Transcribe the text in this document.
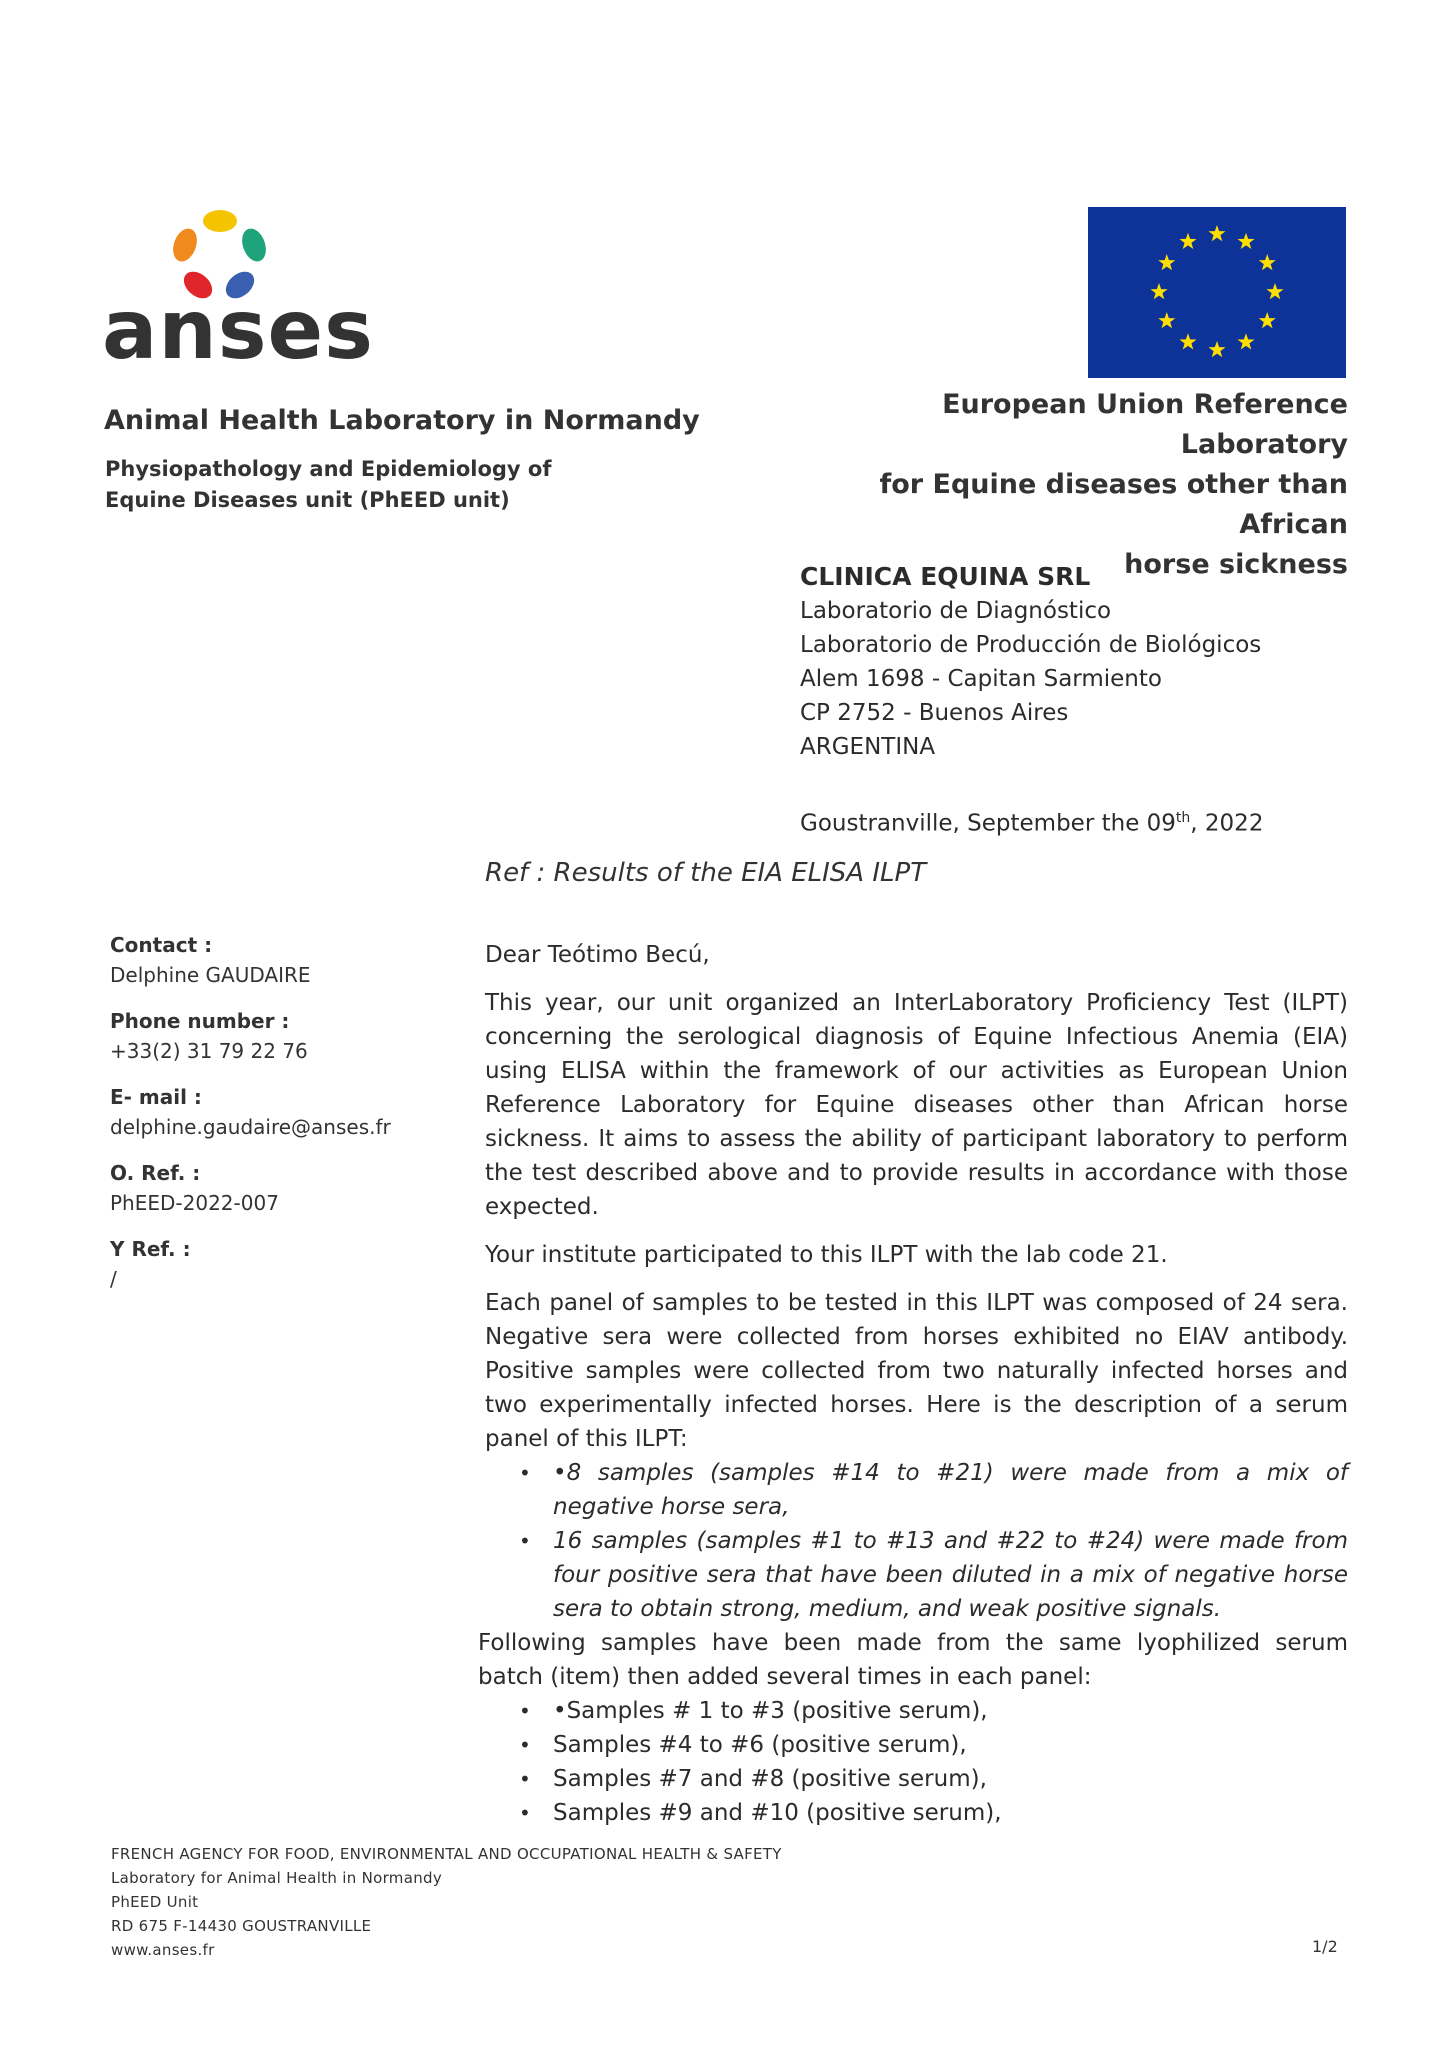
anses
Animal Health Laboratory in Normandy
Physiopathology and Epidemiology of Equine Diseases unit (PhEED unit)
European Union Reference Laboratory
for Equine diseases other than African
horse sickness
CLINICA EQUINA SRL
Laboratorio de Diagnóstico
Laboratorio de Producción de Biológicos
Alem 1698 - Capitan Sarmiento
CP 2752 - Buenos Aires
ARGENTINA
Goustranville, September the 09th, 2022
Ref : Results of the EIA ELISA ILPT
Contact :
Delphine GAUDAIRE
Phone number :
+33(2) 31 79 22 76
E- mail :
delphine.gaudaire@anses.fr
O. Ref. :
PhEED-2022-007
Y Ref. :
/

Dear Teótimo Becú,

This year, our unit organized an InterLaboratory Proficiency Test (ILPT) concerning the serological diagnosis of Equine Infectious Anemia (EIA) using ELISA within the framework of our activities as European Union Reference Laboratory for Equine diseases other than African horse sickness. It aims to assess the ability of participant laboratory to perform the test described above and to provide results in accordance with those expected.

Your institute participated to this ILPT with the lab code 21.

Each panel of samples to be tested in this ILPT was composed of 24 sera. Negative sera were collected from horses exhibited no EIAV antibody. Positive samples were collected from two naturally infected horses and two experimentally infected horses. Here is the description of a serum panel of this ILPT:

• •8 samples (samples #14 to #21) were made from a mix of negative horse sera,
• 16 samples (samples #1 to #13 and #22 to #24) were made from four positive sera that have been diluted in a mix of negative horse sera to obtain strong, medium, and weak positive signals.

Following samples have been made from the same lyophilized serum batch (item) then added several times in each panel:

• •Samples # 1 to #3 (positive serum),
• Samples #4 to #6 (positive serum),
• Samples #7 and #8 (positive serum),
• Samples #9 and #10 (positive serum),
FRENCH AGENCY FOR FOOD, ENVIRONMENTAL AND OCCUPATIONAL HEALTH & SAFETY
Laboratory for Animal Health in Normandy
PhEED Unit
RD 675 F-14430 GOUSTRANVILLE
www.anses.fr	1/2
